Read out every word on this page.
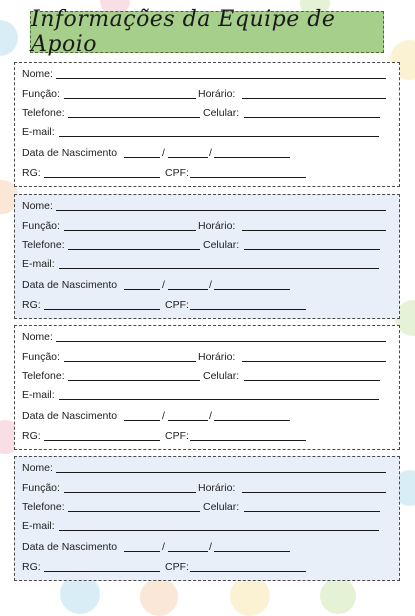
Informações da Equipe de Apoio
Nome:
Função:	Horário:
Telefone:	Celular:
E-mail:
Data de Nascimento	/	/
RG:	CPF:
Nome:
Função:	Horário:
Telefone:	Celular:
E-mail:
Data de Nascimento	/	/
RG:	CPF:
Nome:
Função:	Horário:
Telefone:	Celular:
E-mail:
Data de Nascimento	/	/
RG:	CPF:
Nome:
Função:	Horário:
Telefone:	Celular:
E-mail:
Data de Nascimento	/	/
RG:	CPF:
